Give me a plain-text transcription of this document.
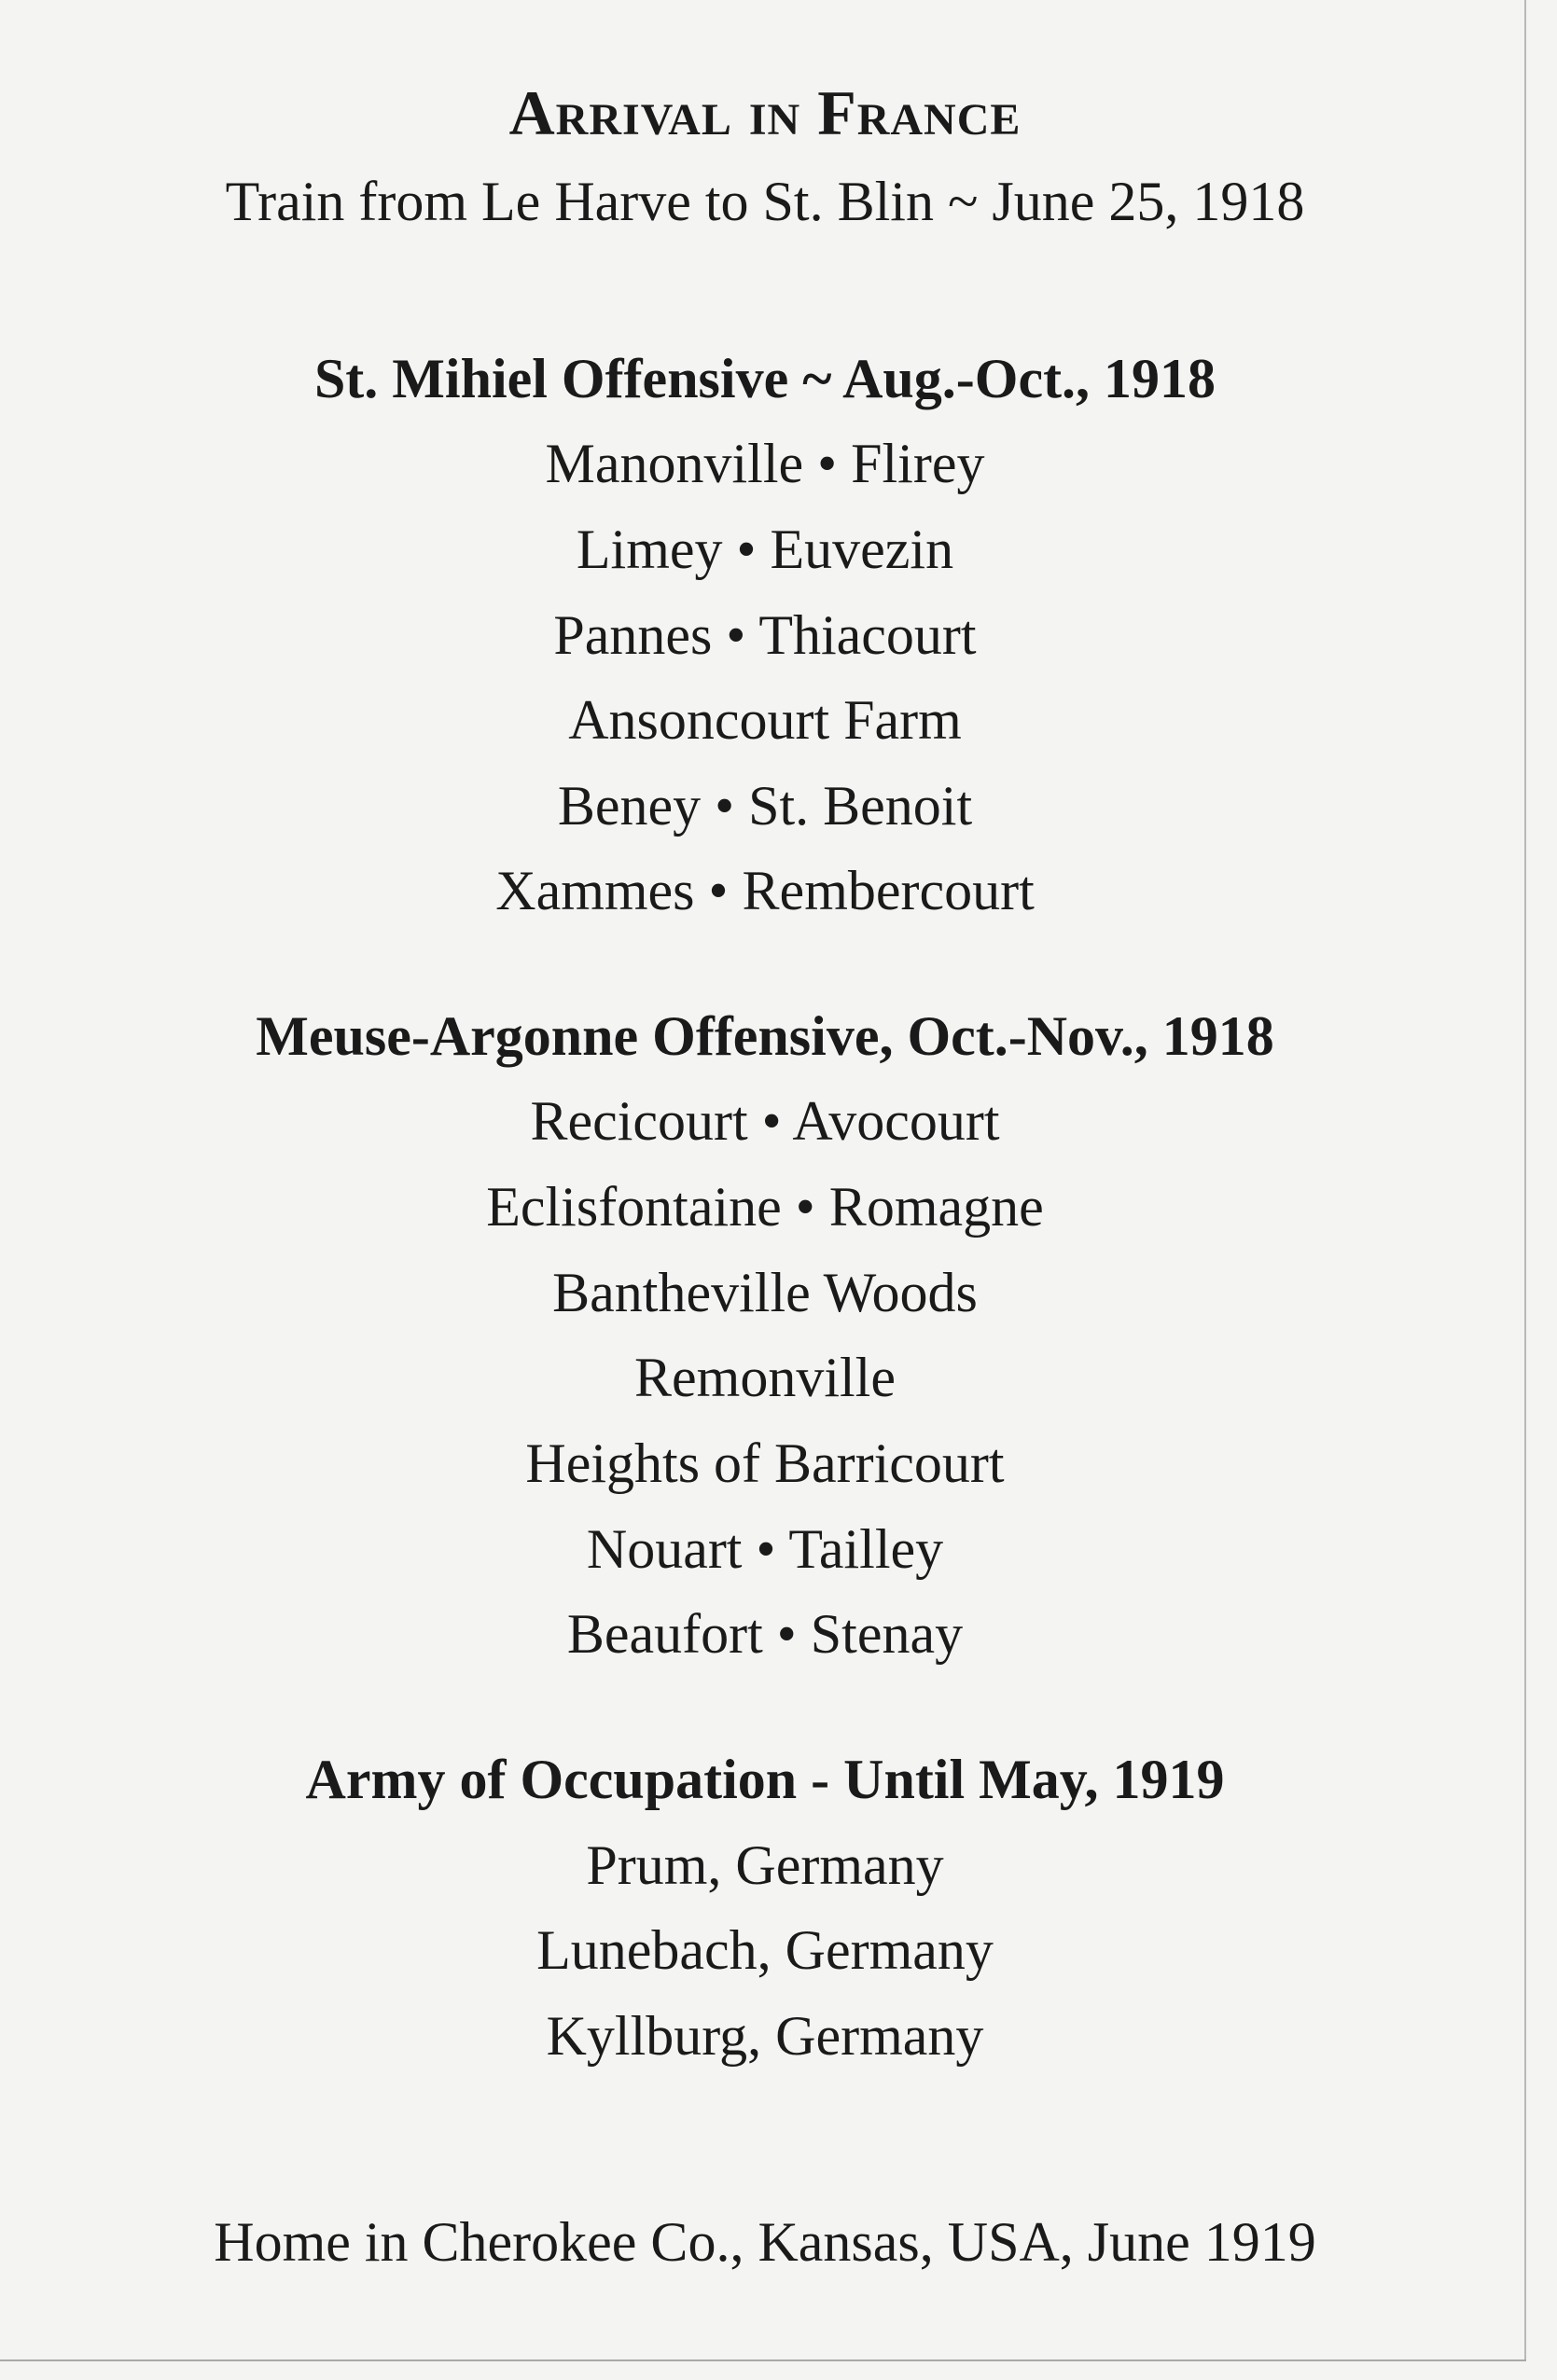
Arrival in France
Train from Le Harve to St. Blin ~ June 25, 1918
St. Mihiel Offensive ~ Aug.-Oct., 1918
Manonville • Flirey
Limey • Euvezin
Pannes • Thiacourt
Ansoncourt Farm
Beney • St. Benoit
Xammes • Rembercourt
Meuse-Argonne Offensive, Oct.-Nov., 1918
Recicourt • Avocourt
Eclisfontaine • Romagne
Bantheville Woods
Remonville
Heights of Barricourt
Nouart • Tailley
Beaufort • Stenay
Army of Occupation - Until May, 1919
Prum, Germany
Lunebach, Germany
Kyllburg, Germany
Home in Cherokee Co., Kansas, USA, June 1919
